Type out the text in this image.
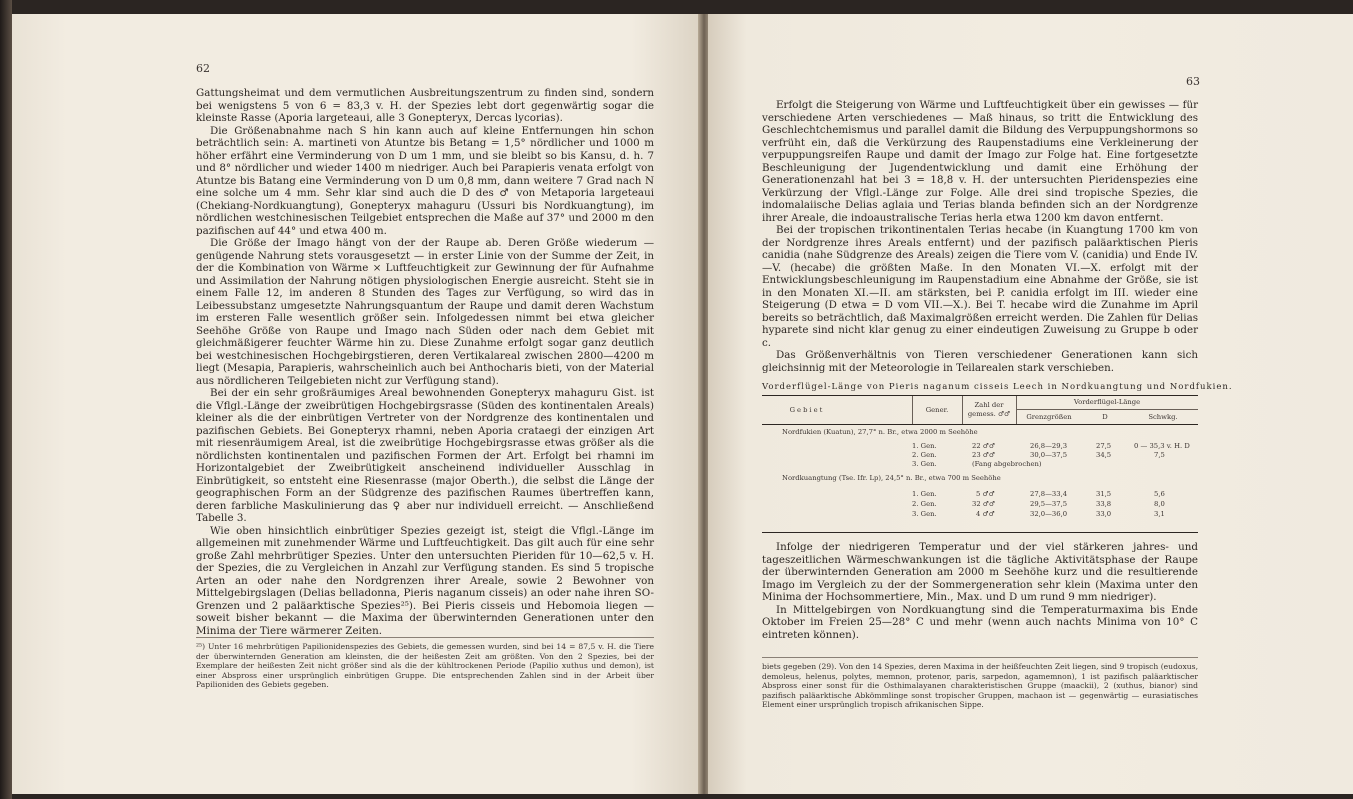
62

Gattungsheimat und dem vermutlichen Ausbreitungszentrum zu finden sind, sondern bei wenigstens 5 von 6 = 83,3 v. H. der Spezies lebt dort gegenwärtig sogar die kleinste Rasse (Aporia largeteaui, alle 3 Gonepteryx, Dercas lycorias).

Die Größenabnahme nach S hin kann auch auf kleine Entfernungen hin schon beträchtlich sein: A. martineti von Atuntze bis Betang = 1,5° nördlicher und 1000 m höher erfährt eine Verminderung von D um 1 mm, und sie bleibt so bis Kansu, d. h. 7 und 8° nördlicher und wieder 1400 m niedriger. Auch bei Parapieris venata erfolgt von Atuntze bis Batang eine Verminderung von D um 0,8 mm, dann weitere 7 Grad nach N eine solche um 4 mm. Sehr klar sind auch die D des ♂ von Metaporia largeteaui (Chekiang-Nordkuangtung), Gonepteryx mahaguru (Ussuri bis Nordkuangtung), im nördlichen westchinesischen Teilgebiet entsprechen die Maße auf 37° und 2000 m den pazifischen auf 44° und etwa 400 m.

Die Größe der Imago hängt von der der Raupe ab. Deren Größe wiederum — genügende Nahrung stets vorausgesetzt — in erster Linie von der Summe der Zeit, in der die Kombination von Wärme × Luftfeuchtigkeit zur Gewinnung der für Aufnahme und Assimilation der Nahrung nötigen physiologischen Energie ausreicht. Steht sie in einem Falle 12, im anderen 8 Stunden des Tages zur Verfügung, so wird das in Leibessubstanz umgesetzte Nahrungsquantum der Raupe und damit deren Wachstum im ersteren Falle wesentlich größer sein. Infolgedessen nimmt bei etwa gleicher Seehöhe Größe von Raupe und Imago nach Süden oder nach dem Gebiet mit gleichmäßigerer feuchter Wärme hin zu. Diese Zunahme erfolgt sogar ganz deutlich bei westchinesischen Hochgebirgstieren, deren Vertikalareal zwischen 2800—4200 m liegt (Mesapia, Parapieris, wahrscheinlich auch bei Anthocharis bieti, von der Material aus nördlicheren Teilgebieten nicht zur Verfügung stand).

Bei der ein sehr großräumiges Areal bewohnenden Gonepteryx mahaguru Gist. ist die Vflgl.-Länge der zweibrütigen Hochgebirgsrasse (Süden des kontinentalen Areals) kleiner als die der einbrütigen Vertreter von der Nordgrenze des kontinentalen und pazifischen Gebiets. Bei Gonepteryx rhamni, neben Aporia crataegi der einzigen Art mit riesenräumigem Areal, ist die zweibrütige Hochgebirgsrasse etwas größer als die nördlichsten kontinentalen und pazifischen Formen der Art. Erfolgt bei rhamni im Horizontalgebiet der Zweibrütigkeit anscheinend individueller Ausschlag in Einbrütigkeit, so entsteht eine Riesenrasse (major Oberth.), die selbst die Länge der geographischen Form an der Südgrenze des pazifischen Raumes übertreffen kann, deren farbliche Maskulinierung das ♀ aber nur individuell erreicht. — Anschließend Tabelle 3.

Wie oben hinsichtlich einbrütiger Spezies gezeigt ist, steigt die Vflgl.-Länge im allgemeinen mit zunehmender Wärme und Luftfeuchtigkeit. Das gilt auch für eine sehr große Zahl mehrbrütiger Spezies. Unter den untersuchten Pieriden für 10—62,5 v. H. der Spezies, die zu Vergleichen in Anzahl zur Verfügung standen. Es sind 5 tropische Arten an oder nahe den Nordgrenzen ihrer Areale, sowie 2 Bewohner von Mittelgebirgslagen (Delias belladonna, Pieris naganum cisseis) an oder nahe ihren SO-Grenzen und 2 paläarktische Spezies²⁵). Bei Pieris cisseis und Hebomoia liegen — soweit bisher bekannt — die Maxima der überwinternden Generationen unter den Minima der Tiere wärmerer Zeiten.

²⁵) Unter 16 mehrbrütigen Papilionidenspezies des Gebiets, die gemessen wurden, sind bei 14 = 87,5 v. H. die Tiere der überwinternden Generation am kleinsten, die der heißesten Zeit am größten. Von den 2 Spezies, bei der Exemplare der heißesten Zeit nicht größer sind als die der kühltrockenen Periode (Papilio xuthus und demon), ist einer Abspross einer ursprünglich einbrütigen Gruppe. Die entsprechenden Zahlen sind in der Arbeit über Papilioniden des Gebiets gegeben.

63

Erfolgt die Steigerung von Wärme und Luftfeuchtigkeit über ein gewisses — für verschiedene Arten verschiedenes — Maß hinaus, so tritt die Entwicklung des Geschlechtchemismus und parallel damit die Bildung des Verpuppungshormons so verfrüht ein, daß die Verkürzung des Raupenstadiums eine Verkleinerung der verpuppungsreifen Raupe und damit der Imago zur Folge hat. Eine fortgesetzte Beschleunigung der Jugendentwicklung und damit eine Erhöhung der Generationenzahl hat bei 3 = 18,8 v. H. der untersuchten Pieridenspezies eine Verkürzung der Vflgl.-Länge zur Folge. Alle drei sind tropische Spezies, die indomalaiische Delias aglaia und Terias blanda befinden sich an der Nordgrenze ihrer Areale, die indoaustralische Terias herla etwa 1200 km davon entfernt.

Bei der tropischen trikontinentalen Terias hecabe (in Kuangtung 1700 km von der Nordgrenze ihres Areals entfernt) und der pazifisch paläarktischen Pieris canidia (nahe Südgrenze des Areals) zeigen die Tiere vom V. (canidia) und Ende IV.—V. (hecabe) die größten Maße. In den Monaten VI.—X. erfolgt mit der Entwicklungsbeschleunigung im Raupenstadium eine Abnahme der Größe, sie ist in den Monaten XI.—II. am stärksten, bei P. canidia erfolgt im III. wieder eine Steigerung (D etwa = D vom VII.—X.). Bei T. hecabe wird die Zunahme im April bereits so beträchtlich, daß Maximalgrößen erreicht werden. Die Zahlen für Delias hyparete sind nicht klar genug zu einer eindeutigen Zuweisung zu Gruppe b oder c.

Das Größenverhältnis von Tieren verschiedener Generationen kann sich gleichsinnig mit der Meteorologie in Teilarealen stark verschieben.

Vorderflügel-Länge von Pieris naganum cisseis Leech in Nordkuangtung und Nordfukien.
Gebiet	Gener.
Zahl der gemess. ♂♂
Vorderflügel-Länge
Grenzgrößen	D	Schwkg.
Nordfukien (Kuatun), 27,7° n. Br., etwa 2000 m Seehöhe
1. Gen.	22 ♂♂	26,8—29,3	27,5	0 — 35,3 v. H. D
2. Gen.	23 ♂♂	30,0—37,5	34,5	7,5
3. Gen.	(Fang abgebrochen)
Nordkuangtung (Tse. Ifr. Lp), 24,5° n. Br., etwa 700 m Seehöhe
1. Gen.	5 ♂♂	27,8—33,4	31,5	5,6
2. Gen.	32 ♂♂	29,5—37,5	33,8	8,0
3. Gen.	4 ♂♂	32,0—36,0	33,0	3,1

Infolge der niedrigeren Temperatur und der viel stärkeren jahres- und tageszeitlichen Wärmeschwankungen ist die tägliche Aktivitätsphase der Raupe der überwinternden Generation am 2000 m Seehöhe kurz und die resultierende Imago im Vergleich zu der der Sommergeneration sehr klein (Maxima unter den Minima der Hochsommertiere, Min., Max. und D um rund 9 mm niedriger).

In Mittelgebirgen von Nordkuangtung sind die Temperaturmaxima bis Ende Oktober im Freien 25—28° C und mehr (wenn auch nachts Minima von 10° C eintreten können).

biets gegeben (29). Von den 14 Spezies, deren Maxima in der heißfeuchten Zeit liegen, sind 9 tropisch (eudoxus, demoleus, helenus, polytes, memnon, protenor, paris, sarpedon, agamemnon), 1 ist pazifisch paläarktischer Abspross einer sonst für die Osthimalayanen charakteristischen Gruppe (maackii), 2 (xuthus, bianor) sind pazifisch paläarktische Abkömmlinge sonst tropischer Gruppen, machaon ist — gegenwärtig — eurasiatisches Element einer ursprünglich tropisch afrikanischen Sippe.
